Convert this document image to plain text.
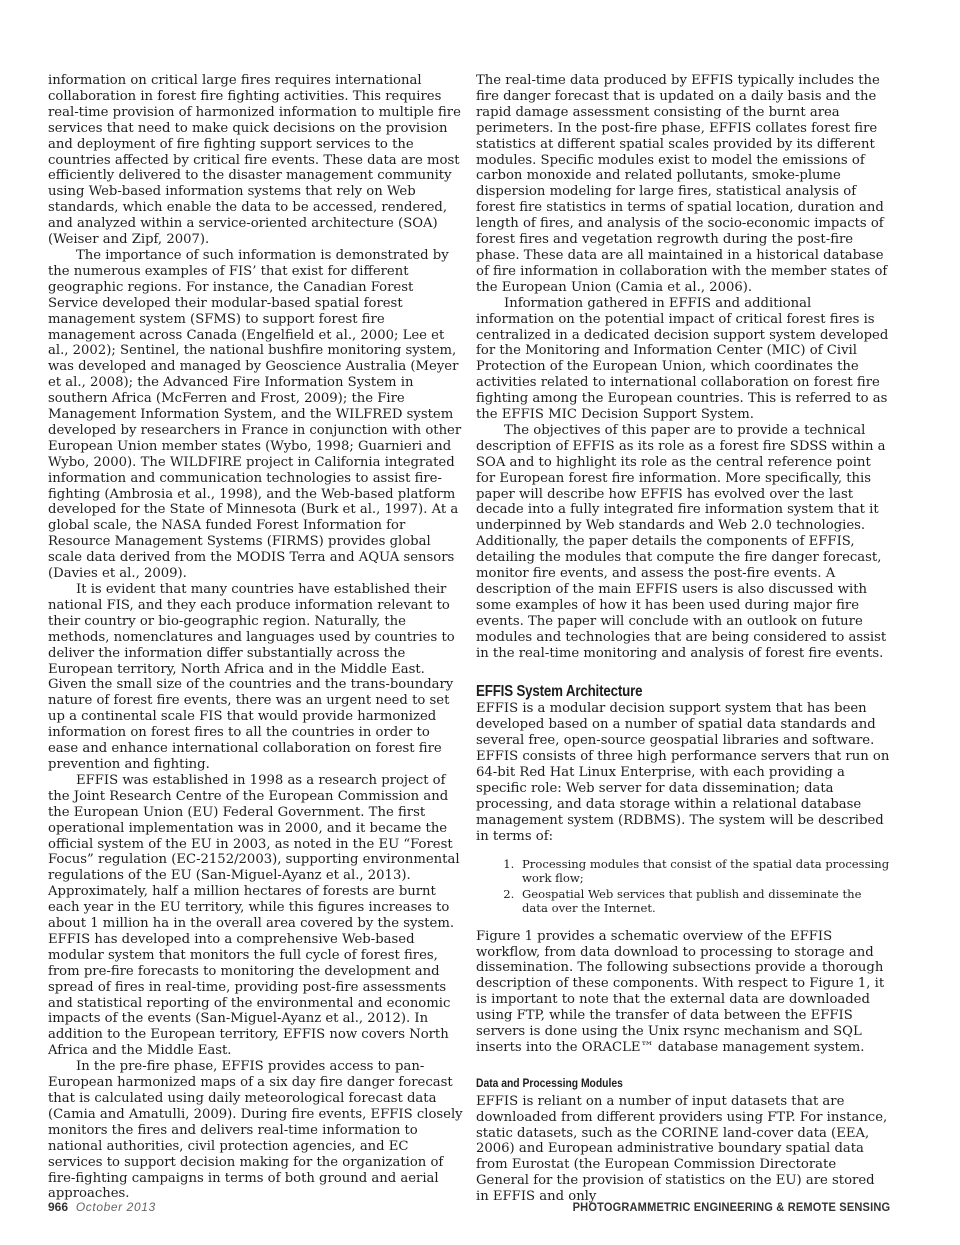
information on critical large fires requires international collaboration in forest fire fighting activities. This requires real-time provision of harmonized information to multiple fire services that need to make quick decisions on the provision and deployment of fire fighting support services to the countries affected by critical fire events. These data are most efficiently delivered to the disaster management community using Web-based information systems that rely on Web standards, which enable the data to be accessed, rendered, and analyzed within a service-oriented architecture (SOA) (Weiser and Zipf, 2007).

The importance of such information is demonstrated by the numerous examples of FIS’ that exist for different geographic regions. For instance, the Canadian Forest Service developed their modular-based spatial forest management system (SFMS) to support forest fire management across Canada (Engelfield et al., 2000; Lee et al., 2002); Sentinel, the national bushfire monitoring system, was developed and managed by Geoscience Australia (Meyer et al., 2008); the Advanced Fire Information System in southern Africa (McFerren and Frost, 2009); the Fire Management Information System, and the WILFRED system developed by researchers in France in conjunction with other European Union member states (Wybo, 1998; Guarnieri and Wybo, 2000). The WILDFIRE project in California integrated information and communication technologies to assist fire-fighting (Ambrosia et al., 1998), and the Web-based platform developed for the State of Minnesota (Burk et al., 1997). At a global scale, the NASA funded Forest Information for Resource Management Systems (FIRMS) provides global scale data derived from the MODIS Terra and AQUA sensors (Davies et al., 2009).

It is evident that many countries have established their national FIS, and they each produce information relevant to their country or bio-geographic region. Naturally, the methods, nomenclatures and languages used by countries to deliver the information differ substantially across the European territory, North Africa and in the Middle East. Given the small size of the countries and the trans-boundary nature of forest fire events, there was an urgent need to set up a continental scale FIS that would provide harmonized information on forest fires to all the countries in order to ease and enhance international collaboration on forest fire prevention and fighting.

EFFIS was established in 1998 as a research project of the Joint Research Centre of the European Commission and the European Union (EU) Federal Government. The first operational implementation was in 2000, and it became the official system of the EU in 2003, as noted in the EU “Forest Focus” regulation (EC-2152/2003), supporting environmental regulations of the EU (San-Miguel-Ayanz et al., 2013). Approximately, half a million hectares of forests are burnt each year in the EU territory, while this figures increases to about 1 million ha in the overall area covered by the system. EFFIS has developed into a comprehensive Web-based modular system that monitors the full cycle of forest fires, from pre-fire forecasts to monitoring the development and spread of fires in real-time, providing post-fire assessments and statistical reporting of the environmental and economic impacts of the events (San-Miguel-Ayanz et al., 2012). In addition to the European territory, EFFIS now covers North Africa and the Middle East.

In the pre-fire phase, EFFIS provides access to pan-European harmonized maps of a six day fire danger forecast that is calculated using daily meteorological forecast data (Camia and Amatulli, 2009). During fire events, EFFIS closely monitors the fires and delivers real-time information to national authorities, civil protection agencies, and EC services to support decision making for the organization of fire-fighting campaigns in terms of both ground and aerial approaches.

The real-time data produced by EFFIS typically includes the fire danger forecast that is updated on a daily basis and the rapid damage assessment consisting of the burnt area perimeters. In the post-fire phase, EFFIS collates forest fire statistics at different spatial scales provided by its different modules. Specific modules exist to model the emissions of carbon monoxide and related pollutants, smoke-plume dispersion modeling for large fires, statistical analysis of forest fire statistics in terms of spatial location, duration and length of fires, and analysis of the socio-economic impacts of forest fires and vegetation regrowth during the post-fire phase. These data are all maintained in a historical database of fire information in collaboration with the member states of the European Union (Camia et al., 2006).

Information gathered in EFFIS and additional information on the potential impact of critical forest fires is centralized in a dedicated decision support system developed for the Monitoring and Information Center (MIC) of Civil Protection of the European Union, which coordinates the activities related to international collaboration on forest fire fighting among the European countries. This is referred to as the EFFIS MIC Decision Support System.

The objectives of this paper are to provide a technical description of EFFIS as its role as a forest fire SDSS within a SOA and to highlight its role as the central reference point for European forest fire information. More specifically, this paper will describe how EFFIS has evolved over the last decade into a fully integrated fire information system that it underpinned by Web standards and Web 2.0 technologies. Additionally, the paper details the components of EFFIS, detailing the modules that compute the fire danger forecast, monitor fire events, and assess the post-fire events. A description of the main EFFIS users is also discussed with some examples of how it has been used during major fire events. The paper will conclude with an outlook on future modules and technologies that are being considered to assist in the real-time monitoring and analysis of forest fire events.

EFFIS System Architecture

EFFIS is a modular decision support system that has been developed based on a number of spatial data standards and several free, open-source geospatial libraries and software. EFFIS consists of three high performance servers that run on 64-bit Red Hat Linux Enterprise, with each providing a specific role: Web server for data dissemination; data processing, and data storage within a relational database management system (RDBMS). The system will be described in terms of:

1. Processing modules that consist of the spatial data processing work flow;
2. Geospatial Web services that publish and disseminate the data over the Internet.

Figure 1 provides a schematic overview of the EFFIS workflow, from data download to processing to storage and dissemination. The following subsections provide a thorough description of these components. With respect to Figure 1, it is important to note that the external data are downloaded using FTP, while the transfer of data between the EFFIS servers is done using the Unix rsync mechanism and SQL inserts into the ORACLE™ database management system.

Data and Processing Modules

EFFIS is reliant on a number of input datasets that are downloaded from different providers using FTP. For instance, static datasets, such as the CORINE land-cover data (EEA, 2006) and European administrative boundary spatial data from Eurostat (the European Commission Directorate General for the provision of statistics on the EU) are stored in EFFIS and only

966 October 2013	PHOTOGRAMMETRIC ENGINEERING & REMOTE SENSING
